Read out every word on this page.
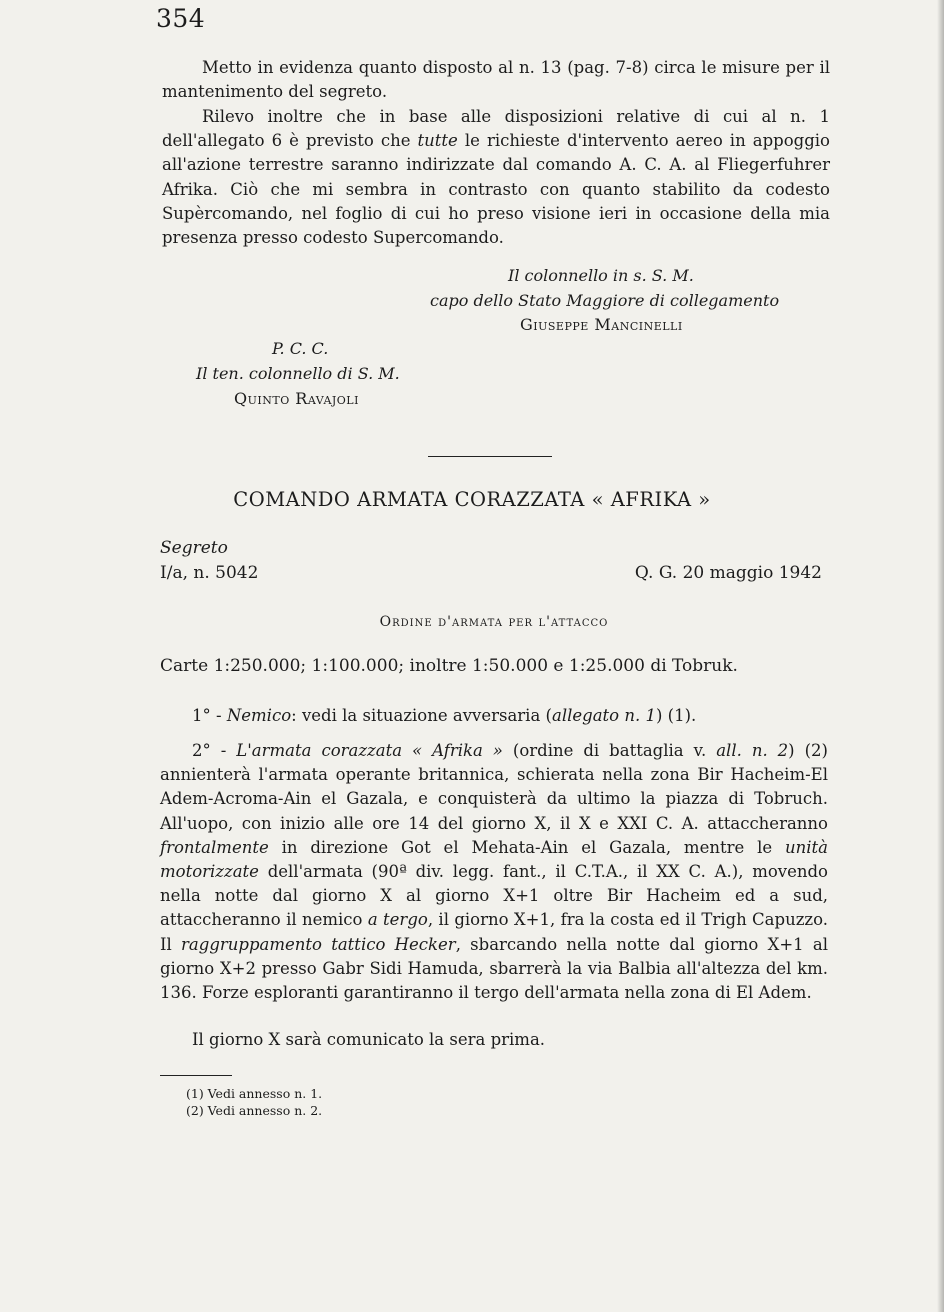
354

Metto in evidenza quanto disposto al n. 13 (pag. 7-8) circa le misure per il mantenimento del segreto.

Rilevo inoltre che in base alle disposizioni relative di cui al n. 1 dell'allegato 6 è previsto che tutte le richieste d'intervento aereo in appoggio all'azione terrestre saranno indirizzate dal comando A. C. A. al Fliegerfuhrer Afrika. Ciò che mi sembra in contrasto con quanto stabilito da codesto Supèrcomando, nel foglio di cui ho preso visione ieri in occasione della mia presenza presso codesto Supercomando.

Il colonnello in s. S. M.
capo dello Stato Maggiore di collegamento
Giuseppe Mancinelli
P. C. C.
Il ten. colonnello di S. M.
Quinto Ravajoli
COMANDO ARMATA CORAZZATA « AFRIKA »
Segreto
I/a, n. 5042	Q. G. 20 maggio 1942
Ordine d'armata per l'attacco
Carte 1:250.000; 1:100.000; inoltre 1:50.000 e 1:25.000 di Tobruk.

1° - Nemico: vedi la situazione avversaria (allegato n. 1) (1).

2° - L'armata corazzata « Afrika » (ordine di battaglia v. all. n. 2) (2) annienterà l'armata operante britannica, schierata nella zona Bir Hacheim-El Adem-Acroma-Ain el Gazala, e conquisterà da ultimo la piazza di Tobruch. All'uopo, con inizio alle ore 14 del giorno X, il X e XXI C. A. attaccheranno frontalmente in direzione Got el Mehata-Ain el Gazala, mentre le unità motorizzate dell'armata (90ª div. legg. fant., il C.T.A., il XX C. A.), movendo nella notte dal giorno X al giorno X+1 oltre Bir Hacheim ed a sud, attaccheranno il nemico a tergo, il giorno X+1, fra la costa ed il Trigh Capuzzo. Il raggruppamento tattico Hecker, sbarcando nella notte dal giorno X+1 al giorno X+2 presso Gabr Sidi Hamuda, sbarrerà la via Balbia all'altezza del km. 136. Forze esploranti garantiranno il tergo dell'armata nella zona di El Adem.

Il giorno X sarà comunicato la sera prima.

(1) Vedi annesso n. 1.
(2) Vedi annesso n. 2.
